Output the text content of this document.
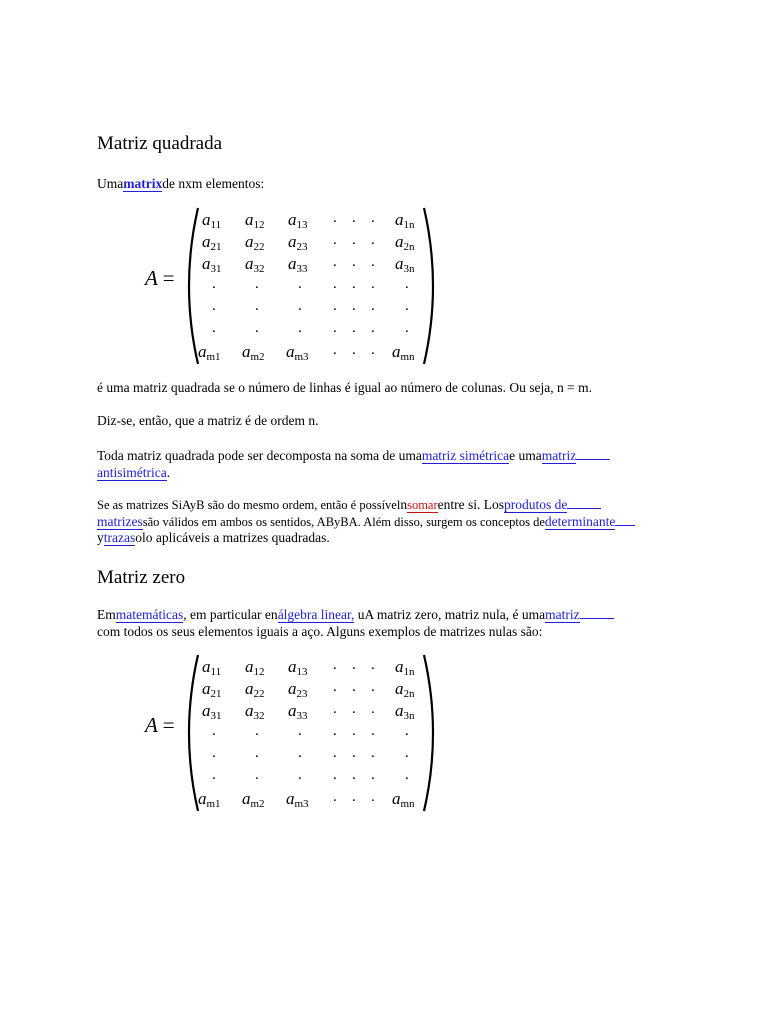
Matriz quadrada

Umamatrixde nxm elementos:

A =
$a_{11}$ $a_{12}$ $a_{13}$ . . . $a_{1n}$
$a_{21}$ $a_{22}$ $a_{23}$ . . . $a_{2n}$
$a_{31}$ $a_{32}$ $a_{33}$ . . . $a_{3n}$
.	.	. . . . .
.	.	. . . . .
.	.	. . . . .
$a_{m1}$ $a_{m2}$ $a_{m3}$ . . . $a_{mn}$

é uma matriz quadrada se o número de linhas é igual ao número de colunas. Ou seja, n = m.

Diz-se, então, que a matriz é de ordem n.

Toda matriz quadrada pode ser decomposta na soma de umamatriz simétricae umamatriz
antisimétrica.

Se as matrizes SiAyB são do mesmo ordem, então é possívelnsomarentre si. Losprodutos de
matrizessão válidos em ambos os sentidos, AByBA. Além disso, surgem os conceptos dedeterminante
ytrazasolo aplicáveis a matrizes quadradas.

Matriz zero

Emmatemáticas, em particular enálgebra linear, uA matriz zero, matriz nula, é umamatriz
com todos os seus elementos iguais a aço. Alguns exemplos de matrizes nulas são:

A =
$a_{11}$ $a_{12}$ $a_{13}$ . . . $a_{1n}$
$a_{21}$ $a_{22}$ $a_{23}$ . . . $a_{2n}$
$a_{31}$ $a_{32}$ $a_{33}$ . . . $a_{3n}$
.	.	. . . . .
.	.	. . . . .
.	.	. . . . .
$a_{m1}$ $a_{m2}$ $a_{m3}$ . . . $a_{mn}$
